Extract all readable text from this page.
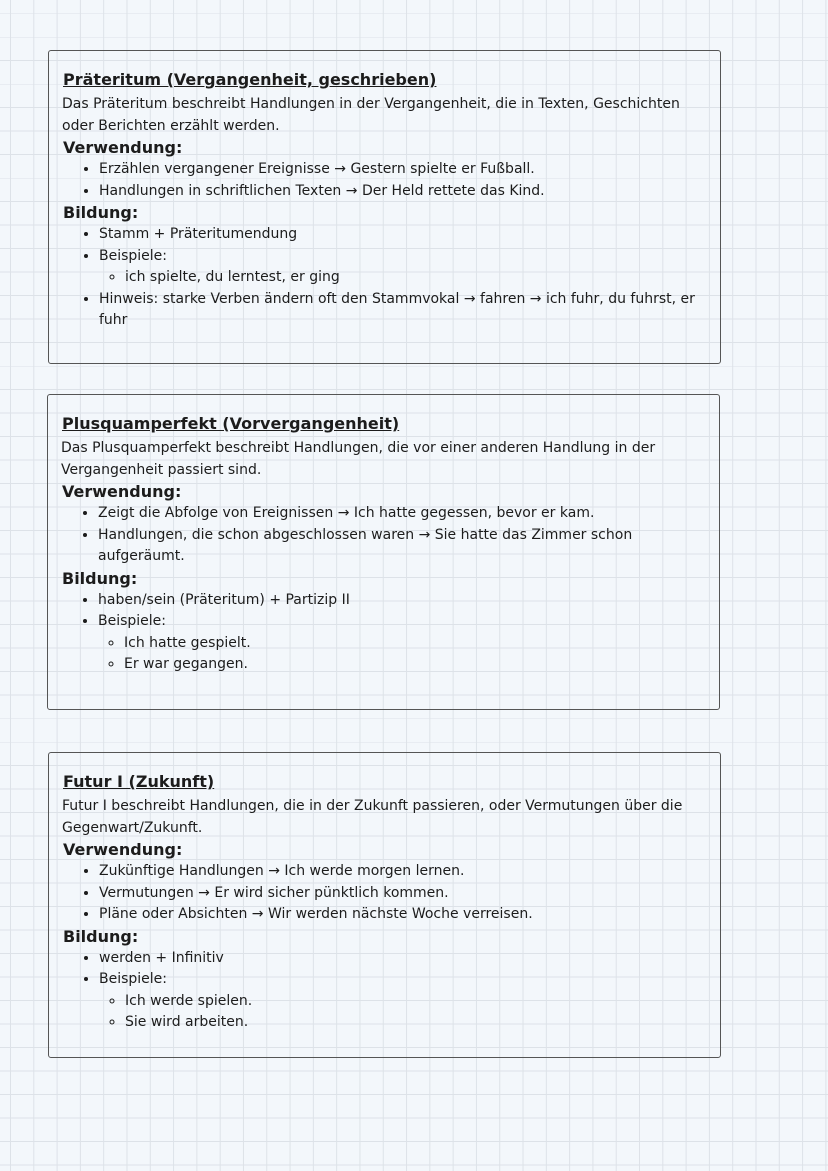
Präteritum (Vergangenheit, geschrieben)
Das Präteritum beschreibt Handlungen in der Vergangenheit, die in Texten, Geschichten oder Berichten erzählt werden.
Verwendung:
• Erzählen vergangener Ereignisse → Gestern spielte er Fußball.
• Handlungen in schriftlichen Texten → Der Held rettete das Kind.
Bildung:
• Stamm + Präteritumendung
• Beispiele:
◦ ich spielte, du lerntest, er ging
• Hinweis: starke Verben ändern oft den Stammvokal → fahren → ich fuhr, du fuhrst, er fuhr
Plusquamperfekt (Vorvergangenheit)
Das Plusquamperfekt beschreibt Handlungen, die vor einer anderen Handlung in der Vergangenheit passiert sind.
Verwendung:
• Zeigt die Abfolge von Ereignissen → Ich hatte gegessen, bevor er kam.
• Handlungen, die schon abgeschlossen waren → Sie hatte das Zimmer schon aufgeräumt.
Bildung:
• haben/sein (Präteritum) + Partizip II
• Beispiele:
◦ Ich hatte gespielt.
◦ Er war gegangen.
Futur I (Zukunft)
Futur I beschreibt Handlungen, die in der Zukunft passieren, oder Vermutungen über die Gegenwart/Zukunft.
Verwendung:
• Zukünftige Handlungen → Ich werde morgen lernen.
• Vermutungen → Er wird sicher pünktlich kommen.
• Pläne oder Absichten → Wir werden nächste Woche verreisen.
Bildung:
• werden + Infinitiv
• Beispiele:
◦ Ich werde spielen.
◦ Sie wird arbeiten.
